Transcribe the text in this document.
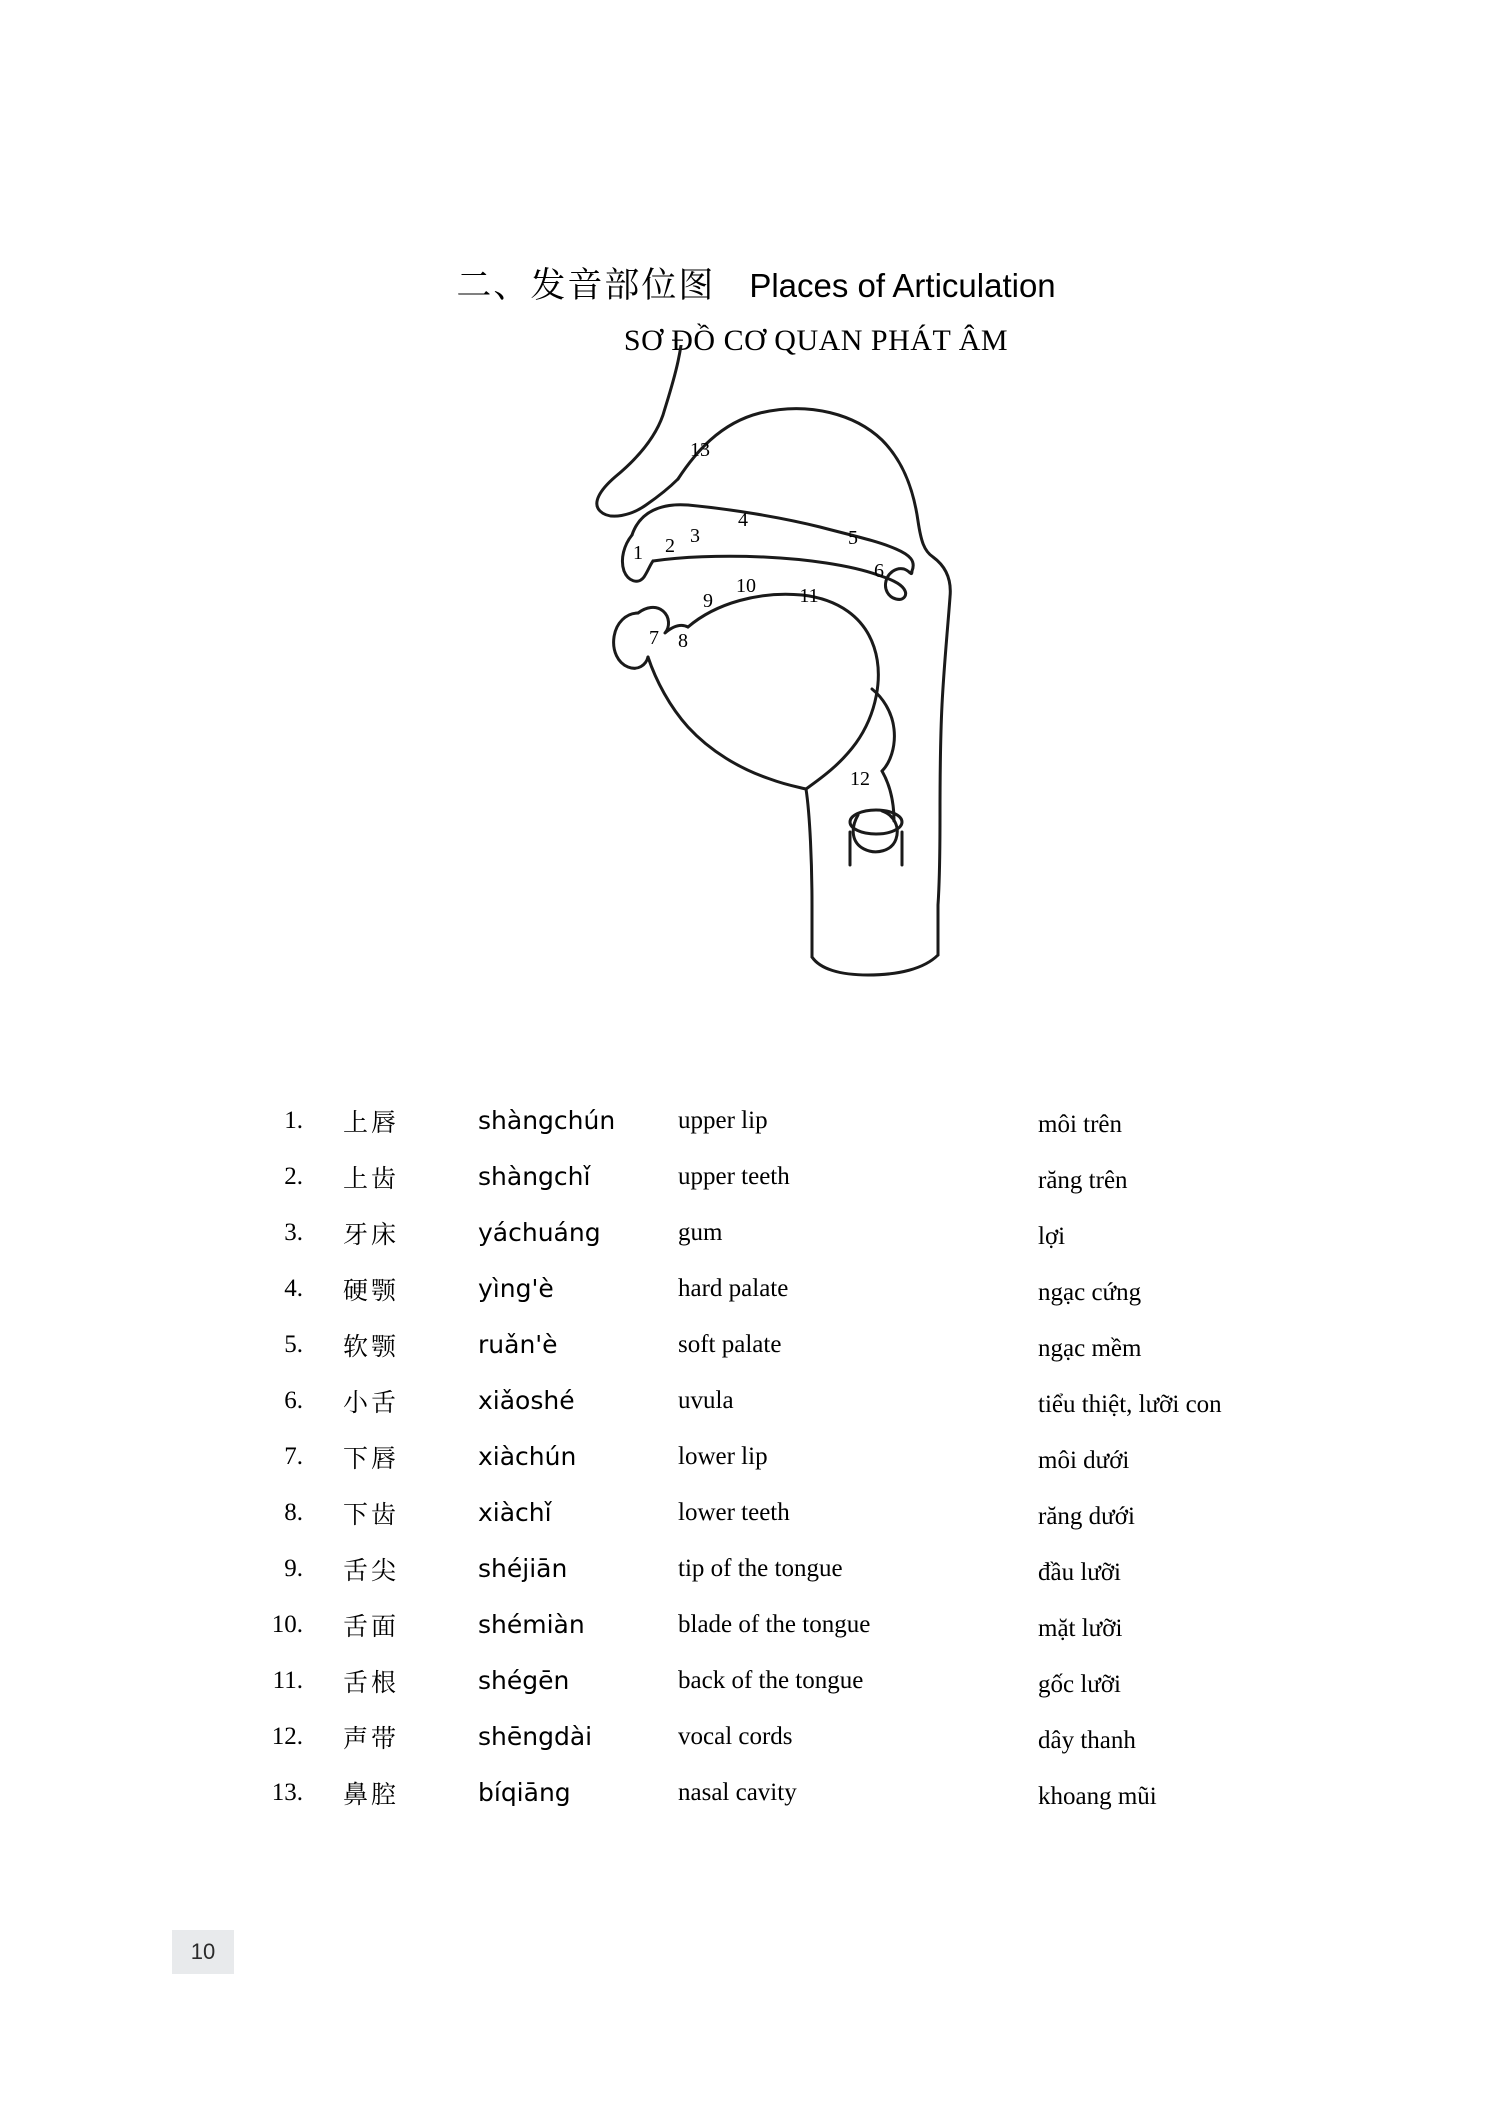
二、发音部位图 Places of Articulation
SƠ ĐỒ CƠ QUAN PHÁT ÂM
1 2 3
4
5
6
7 8
9
10 11
12
13
1.	上唇	shàngchún	upper lip	môi trên
2.	上齿	shàngchǐ	upper teeth	răng trên
3.	牙床	yáchuáng	gum	lợi
4.	硬颚	yìng'è	hard palate	ngạc cứng
5.	软颚	ruǎn'è	soft palate	ngạc mềm
6.	小舌	xiǎoshé	uvula	tiểu thiệt, lưỡi con
7.	下唇	xiàchún	lower lip	môi dưới
8.	下齿	xiàchǐ	lower teeth	răng dưới
9.	舌尖	shéjiān	tip of the tongue	đầu lưỡi
10.	舌面	shémiàn	blade of the tongue	mặt lưỡi
11.	舌根	shégēn	back of the tongue	gốc lưỡi
12.	声带	shēngdài	vocal cords	dây thanh
13.	鼻腔	bíqiāng	nasal cavity	khoang mũi
10
